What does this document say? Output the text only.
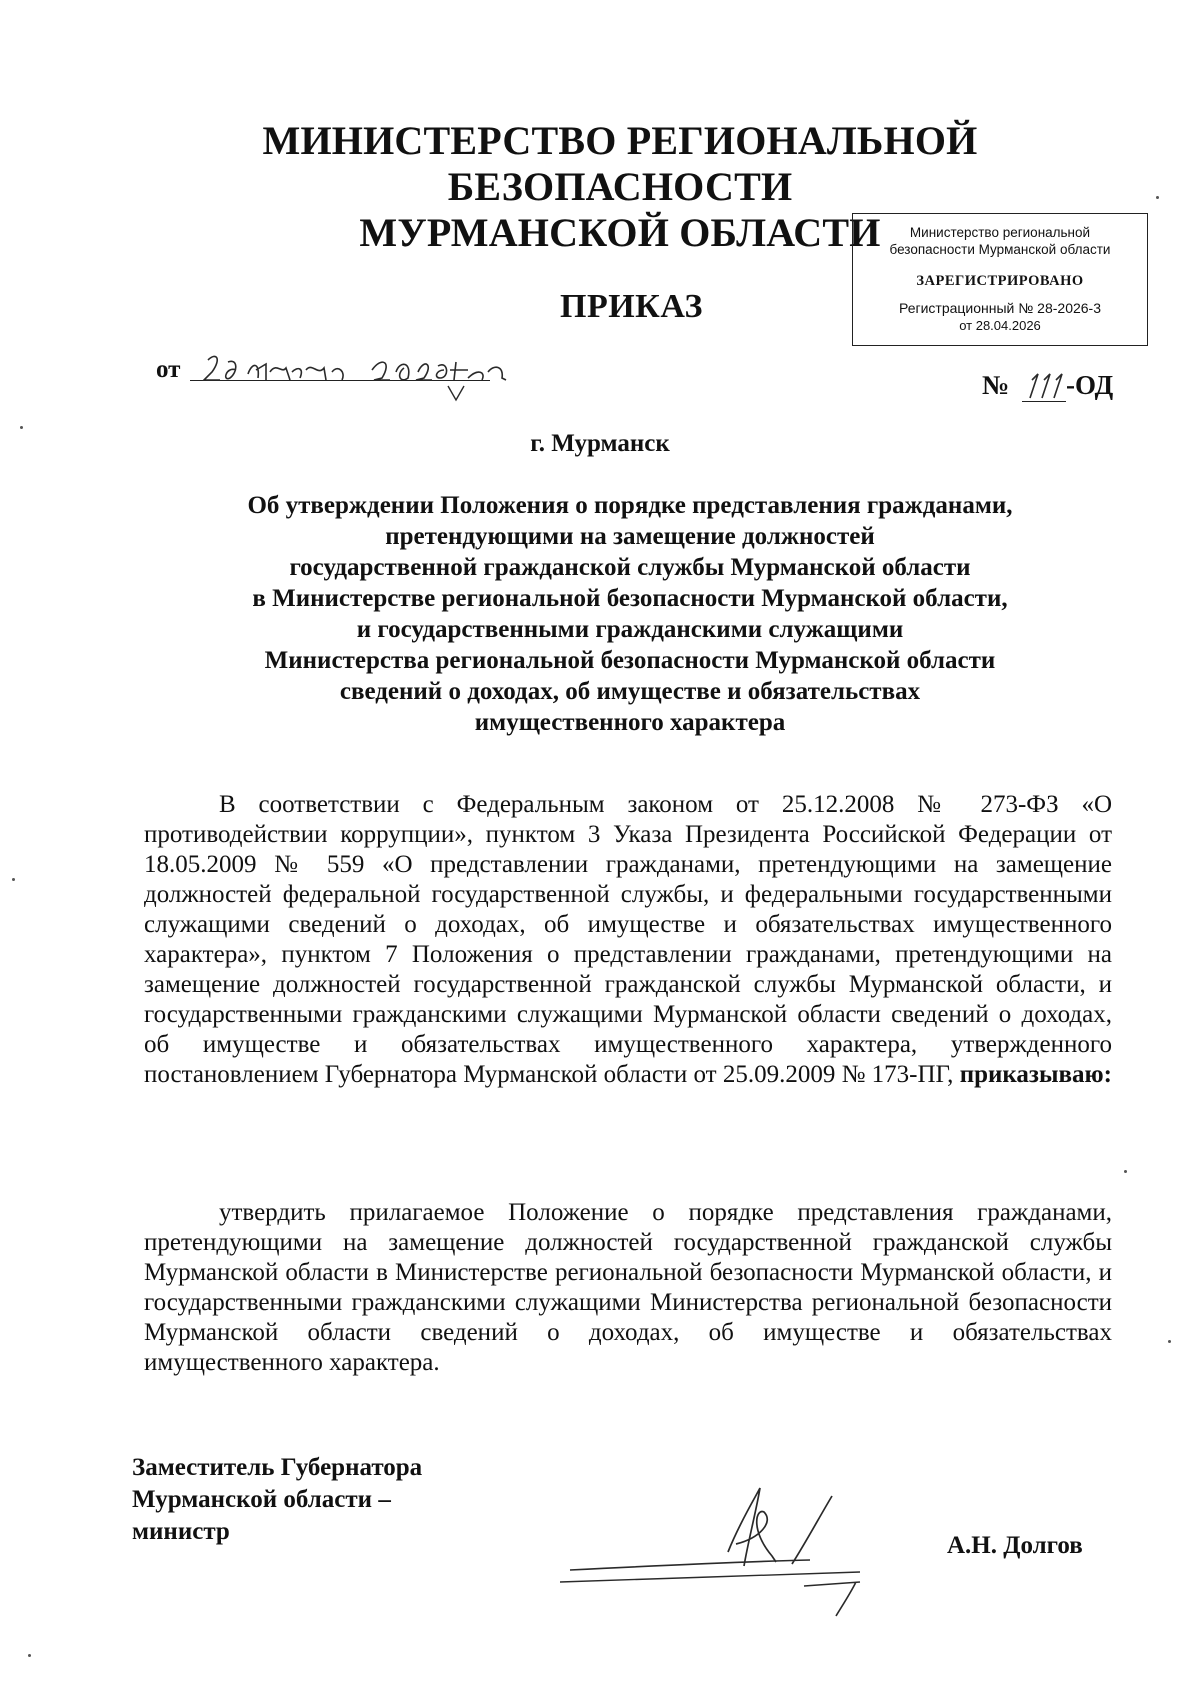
МИНИСТЕРСТВО РЕГИОНАЛЬНОЙ БЕЗОПАСНОСТИ
МУРМАНСКОЙ ОБЛАСТИ	Министерство региональной
безопасности Мурманской области
ЗАРЕГИСТРИРОВАНО
Регистрационный № 28-2026-3
от 28.04.2026
ПРИКАЗ
от
№ -ОД
г. Мурманск
Об утверждении Положения о порядке представления гражданами,
претендующими на замещение должностей
государственной гражданской службы Мурманской области
в Министерстве региональной безопасности Мурманской области,
и государственными гражданскими служащими
Министерства региональной безопасности Мурманской области
сведений о доходах, об имуществе и обязательствах
имущественного характера
В соответствии с Федеральным законом от 25.12.2008 № 273-ФЗ «О противодействии коррупции», пунктом 3 Указа Президента Российской Федерации от 18.05.2009 № 559 «О представлении гражданами, претендующими на замещение должностей федеральной государственной службы, и федеральными государственными служащими сведений о доходах, об имуществе и обязательствах имущественного характера», пунктом 7 Положения о представлении гражданами, претендующими на замещение должностей государственной гражданской службы Мурманской области, и государственными гражданскими служащими Мурманской области сведений о доходах, об имуществе и обязательствах имущественного характера, утвержденного постановлением Губернатора Мурманской области от 25.09.2009 № 173-ПГ, приказываю:
утвердить прилагаемое Положение о порядке представления гражданами, претендующими на замещение должностей государственной гражданской службы Мурманской области в Министерстве региональной безопасности Мурманской области, и государственными гражданскими служащими Министерства региональной безопасности Мурманской области сведений о доходах, об имуществе и обязательствах имущественного характера.
Заместитель Губернатора
Мурманской области –
министр
А.Н. Долгов
